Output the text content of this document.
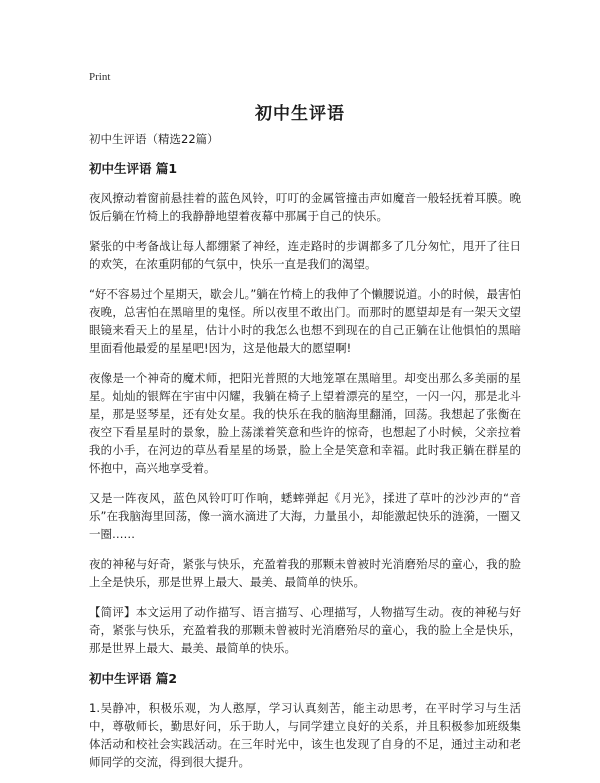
Print
初中生评语
初中生评语（精选22篇）
初中生评语 篇1

夜风撩动着窗前悬挂着的蓝色风铃，叮叮的金属管撞击声如魔音一般轻抚着耳膜。晚饭后躺在竹椅上的我静静地望着夜幕中那属于自己的快乐。

紧张的中考备战让每人都绷紧了神经，连走路时的步调都多了几分匆忙，甩开了往日的欢笑，在浓重阴郁的气氛中，快乐一直是我们的渴望。

“好不容易过个星期天，歇会儿。”躺在竹椅上的我伸了个懒腰说道。小的时候，最害怕夜晚，总害怕在黑暗里的鬼怪。所以夜里不敢出门。而那时的愿望却是有一架天文望眼镜来看天上的星星，估计小时的我怎么也想不到现在的自己正躺在让他惧怕的黑暗里面看他最爱的星星吧!因为，这是他最大的愿望啊!

夜像是一个神奇的魔术师，把阳光普照的大地笼罩在黑暗里。却变出那么多美丽的星星。灿灿的银辉在宇宙中闪耀，我躺在椅子上望着漂亮的星空，一闪一闪，那是北斗星，那是竖琴星，还有处女星。我的快乐在我的脑海里翻涌，回荡。我想起了张衡在夜空下看星星时的景象，脸上荡漾着笑意和些许的惊奇，也想起了小时候，父亲拉着我的小手，在河边的草丛看星星的场景，脸上全是笑意和幸福。此时我正躺在群星的怀抱中，高兴地享受着。

又是一阵夜风，蓝色风铃叮叮作响，蟋蟀弹起《月光》，揉进了草叶的沙沙声的“音乐”在我脑海里回荡，像一滴水滴进了大海，力量虽小，却能激起快乐的涟漪，一圈又一圈……

夜的神秘与好奇，紧张与快乐，充盈着我的那颗未曾被时光消磨殆尽的童心，我的脸上全是快乐，那是世界上最大、最美、最简单的快乐。

【简评】本文运用了动作描写、语言描写、心理描写，人物描写生动。夜的神秘与好奇，紧张与快乐，充盈着我的那颗未曾被时光消磨殆尽的童心，我的脸上全是快乐，那是世界上最大、最美、最简单的快乐。

初中生评语 篇2

1.吴静冲，积极乐观，为人憨厚，学习认真刻苦，能主动思考，在平时学习与生活中，尊敬师长，勤思好问，乐于助人，与同学建立良好的关系，并且积极参加班级集体活动和校社会实践活动。在三年时光中，该生也发现了自身的不足，通过主动和老师同学的交流，得到很大提升。
